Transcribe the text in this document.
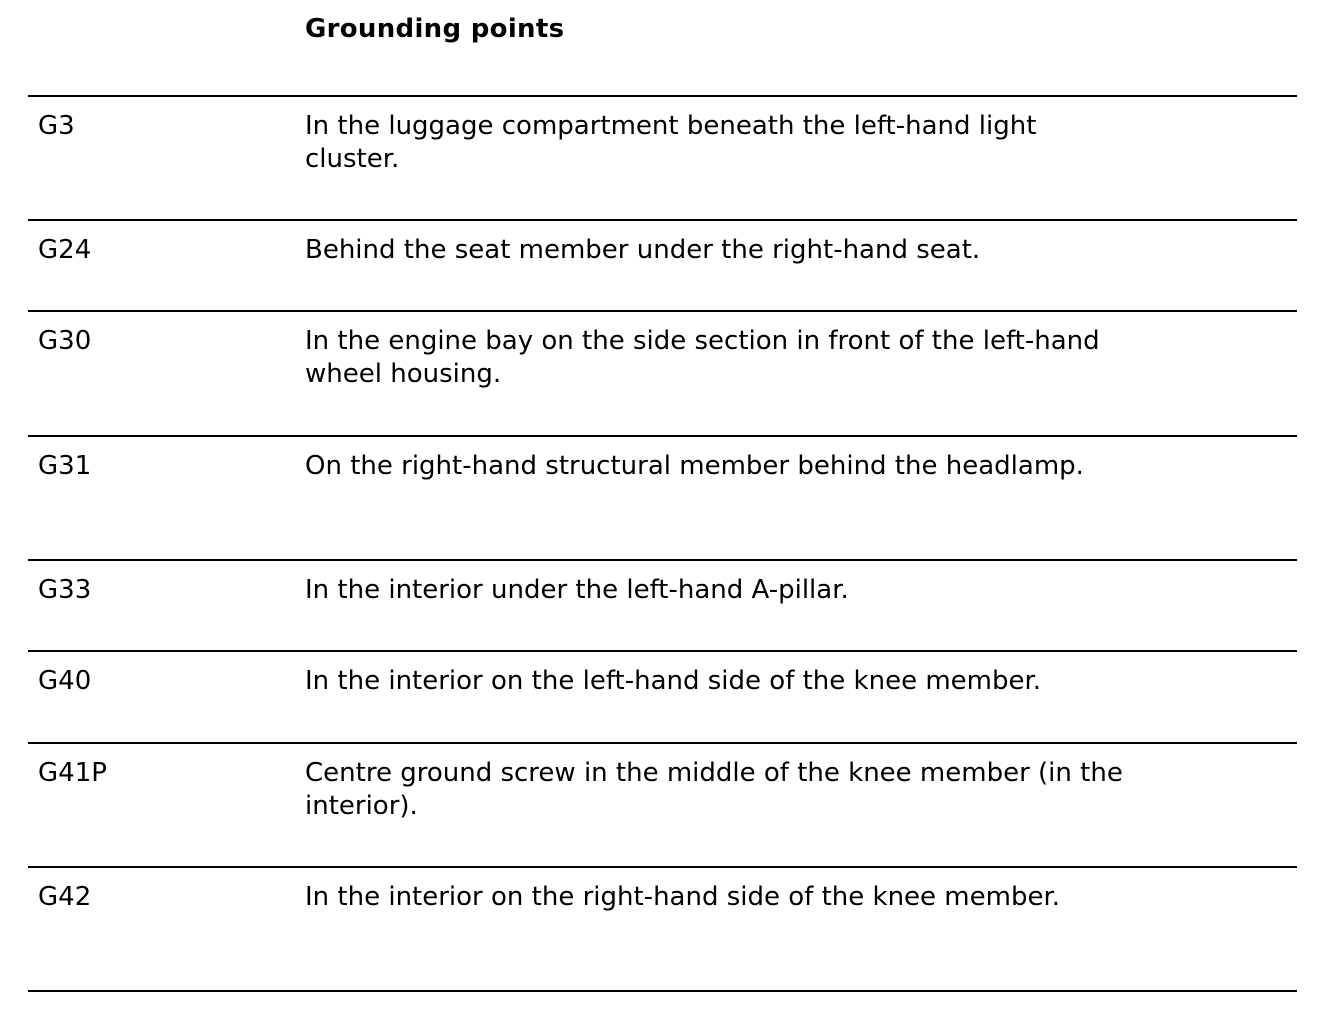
Grounding points
G3	In the luggage compartment beneath the left-hand light cluster.
G24	Behind the seat member under the right-hand seat.
G30	In the engine bay on the side section in front of the left-hand wheel housing.
G31	On the right-hand structural member behind the headlamp.
G33	In the interior under the left-hand A-pillar.
G40	In the interior on the left-hand side of the knee member.
G41P	Centre ground screw in the middle of the knee member (in the interior).
G42	In the interior on the right-hand side of the knee member.
